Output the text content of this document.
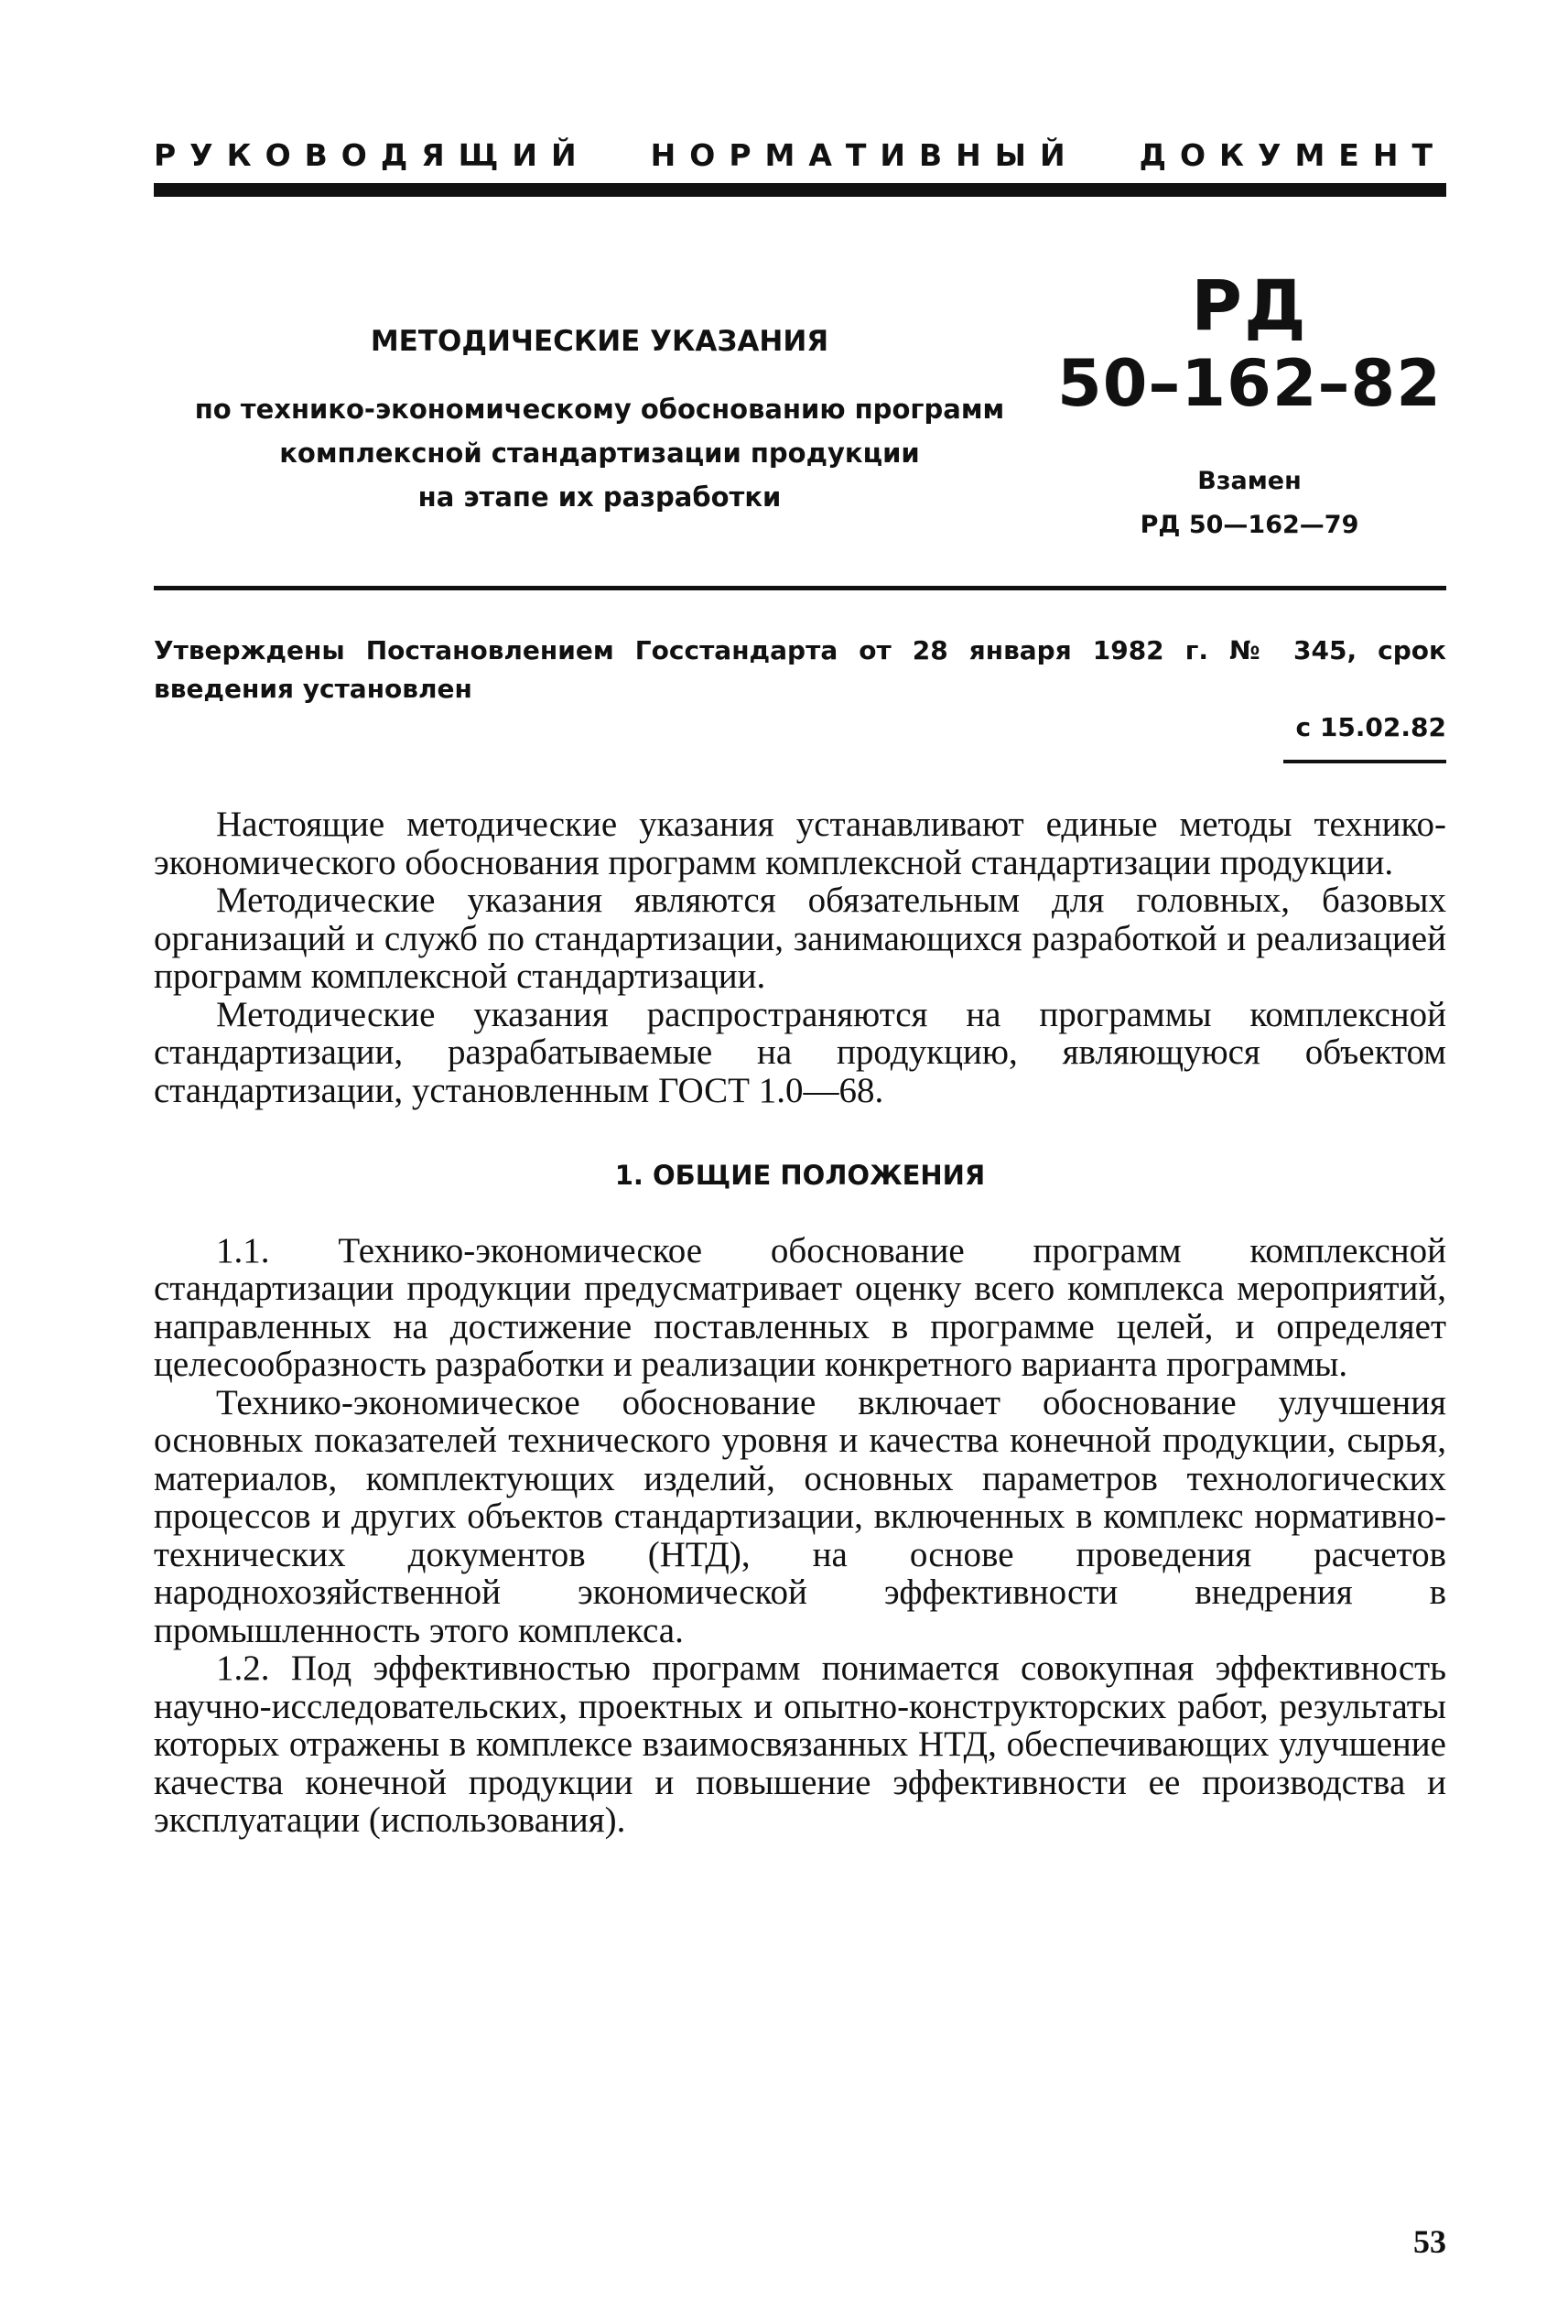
РУКОВОДЯЩИЙ НОРМАТИВНЫЙ ДОКУМЕНТ
МЕТОДИЧЕСКИЕ УКАЗАНИЯ
по технико-экономическому обоснованию программ
комплексной стандартизации продукции
на этапе их разработки
РД
50–162–82
Взамен
РД 50—162—79
Утверждены Постановлением Госстандарта от 28 января 1982 г. № 345, срок
введения установлен
с 15.02.82

Настоящие методические указания устанавливают единые методы технико-экономического обоснования программ комплексной стандартизации продукции.

Методические указания являются обязательным для головных, базовых организаций и служб по стандартизации, занимающихся разработкой и реализацией программ комплексной стандартизации.

Методические указания распространяются на программы комплексной стандартизации, разрабатываемые на продукцию, являющуюся объектом стандартизации, установленным ГОСТ 1.0—68.

1. ОБЩИЕ ПОЛОЖЕНИЯ

1.1. Технико-экономическое обоснование программ комплексной стандартизации продукции предусматривает оценку всего комплекса мероприятий, направленных на достижение поставленных в программе целей, и определяет целесообразность разработки и реализации конкретного варианта программы.

Технико-экономическое обоснование включает обоснование улучшения основных показателей технического уровня и качества конечной продукции, сырья, материалов, комплектующих изделий, основных параметров технологических процессов и других объектов стандартизации, включенных в комплекс нормативно-технических документов (НТД), на основе проведения расчетов народнохозяйственной экономической эффективности внедрения в промышленность этого комплекса.

1.2. Под эффективностью программ понимается совокупная эффективность научно-исследовательских, проектных и опытно-конструкторских работ, результаты которых отражены в комплексе взаимосвязанных НТД, обеспечивающих улучшение качества конечной продукции и повышение эффективности ее производства и эксплуатации (использования).

53
